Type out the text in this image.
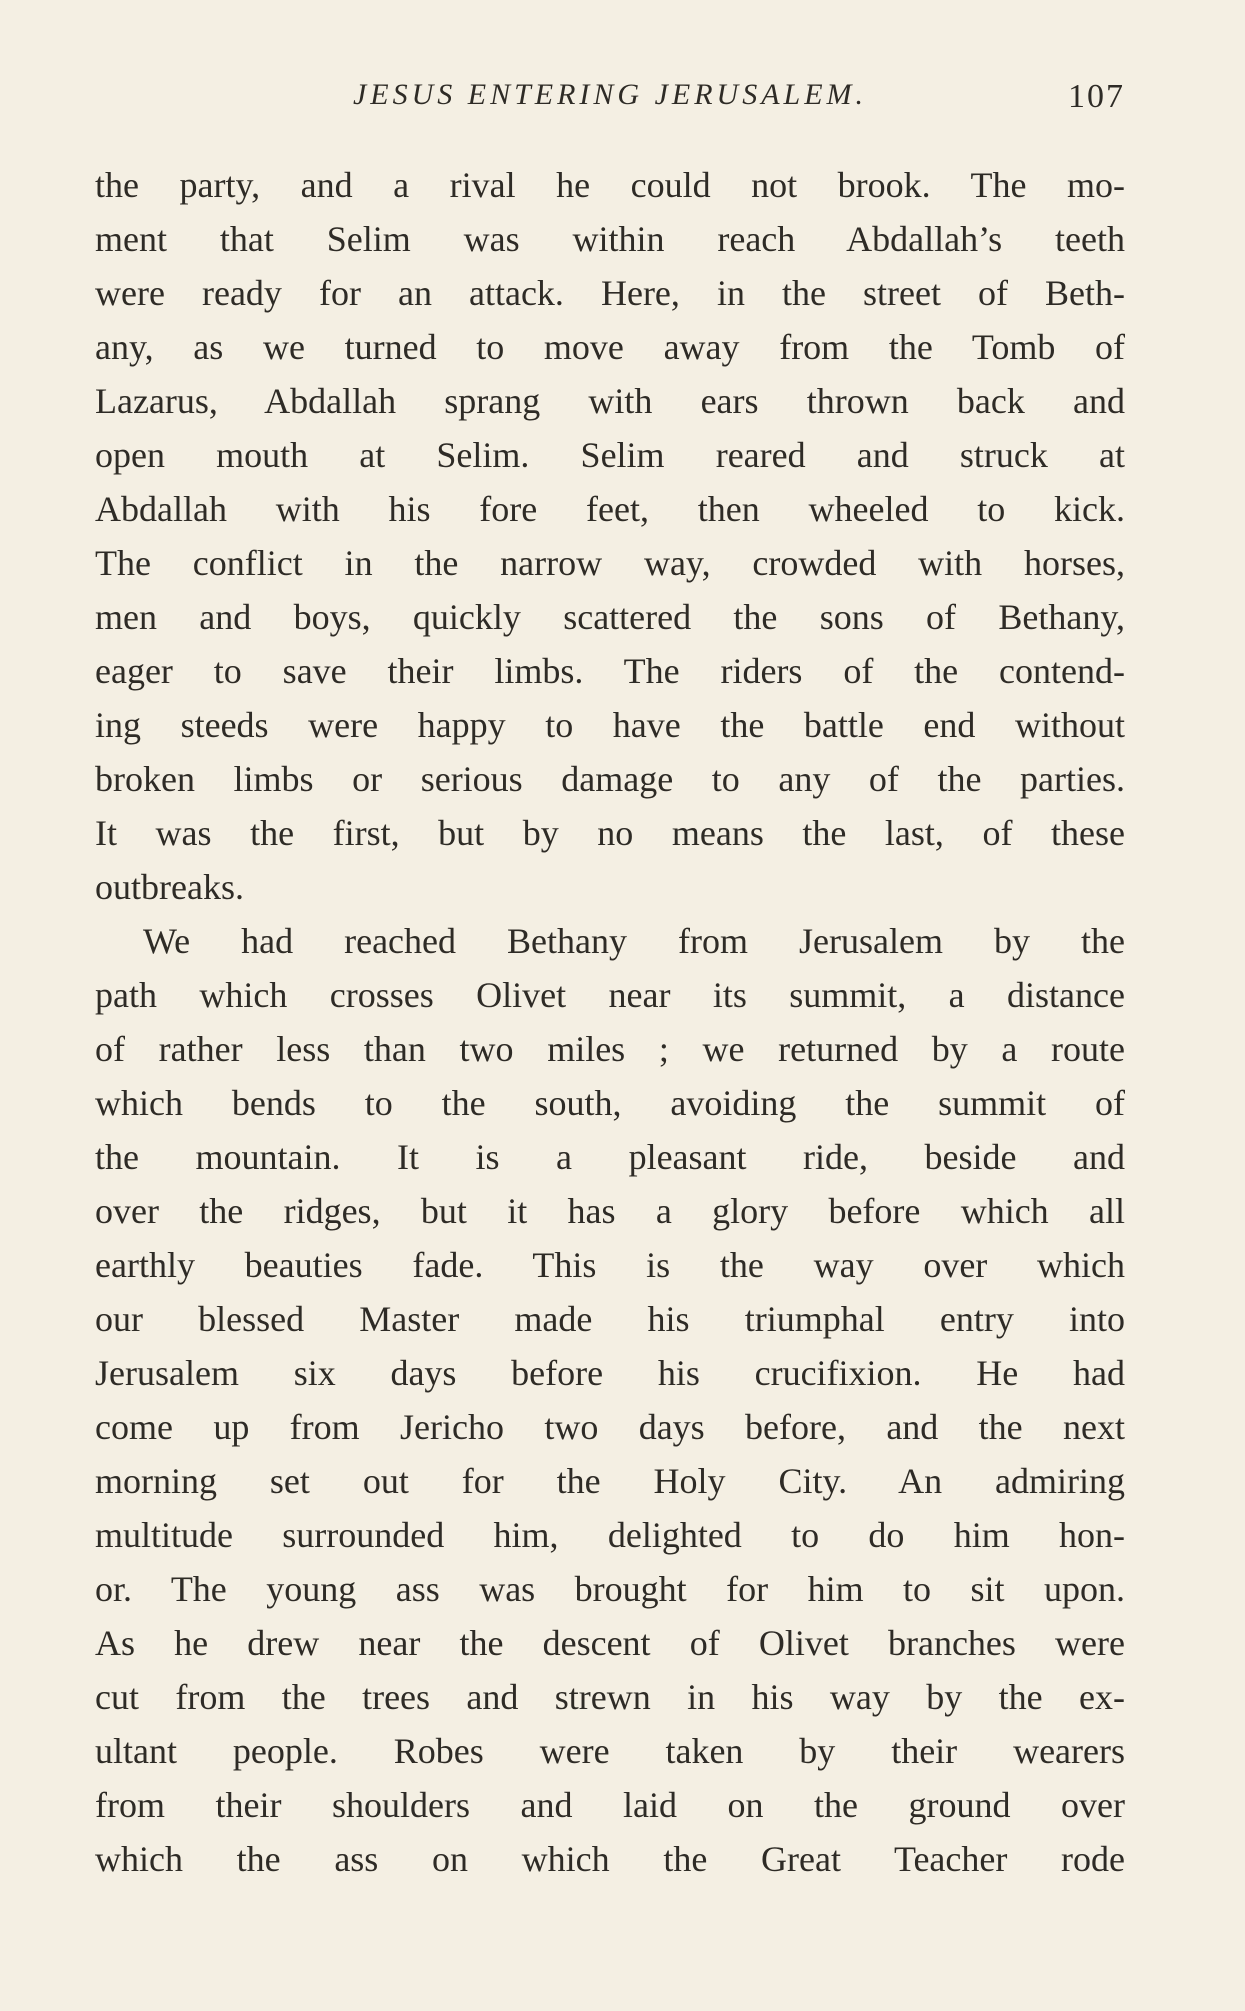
JESUS ENTERING JERUSALEM.	107
the party, and a rival he could not brook. The mo-
ment that Selim was within reach Abdallah’s teeth
were ready for an attack. Here, in the street of Beth-
any, as we turned to move away from the Tomb of
Lazarus, Abdallah sprang with ears thrown back and
open mouth at Selim. Selim reared and struck at
Abdallah with his fore feet, then wheeled to kick.
The conflict in the narrow way, crowded with horses,
men and boys, quickly scattered the sons of Bethany,
eager to save their limbs. The riders of the contend-
ing steeds were happy to have the battle end without
broken limbs or serious damage to any of the parties.
It was the first, but by no means the last, of these
outbreaks.
We had reached Bethany from Jerusalem by the
path which crosses Olivet near its summit, a distance
of rather less than two miles ; we returned by a route
which bends to the south, avoiding the summit of
the mountain. It is a pleasant ride, beside and
over the ridges, but it has a glory before which all
earthly beauties fade. This is the way over which
our blessed Master made his triumphal entry into
Jerusalem six days before his crucifixion. He had
come up from Jericho two days before, and the next
morning set out for the Holy City. An admiring
multitude surrounded him, delighted to do him hon-
or. The young ass was brought for him to sit upon.
As he drew near the descent of Olivet branches were
cut from the trees and strewn in his way by the ex-
ultant people. Robes were taken by their wearers
from their shoulders and laid on the ground over
which the ass on which the Great Teacher rode
